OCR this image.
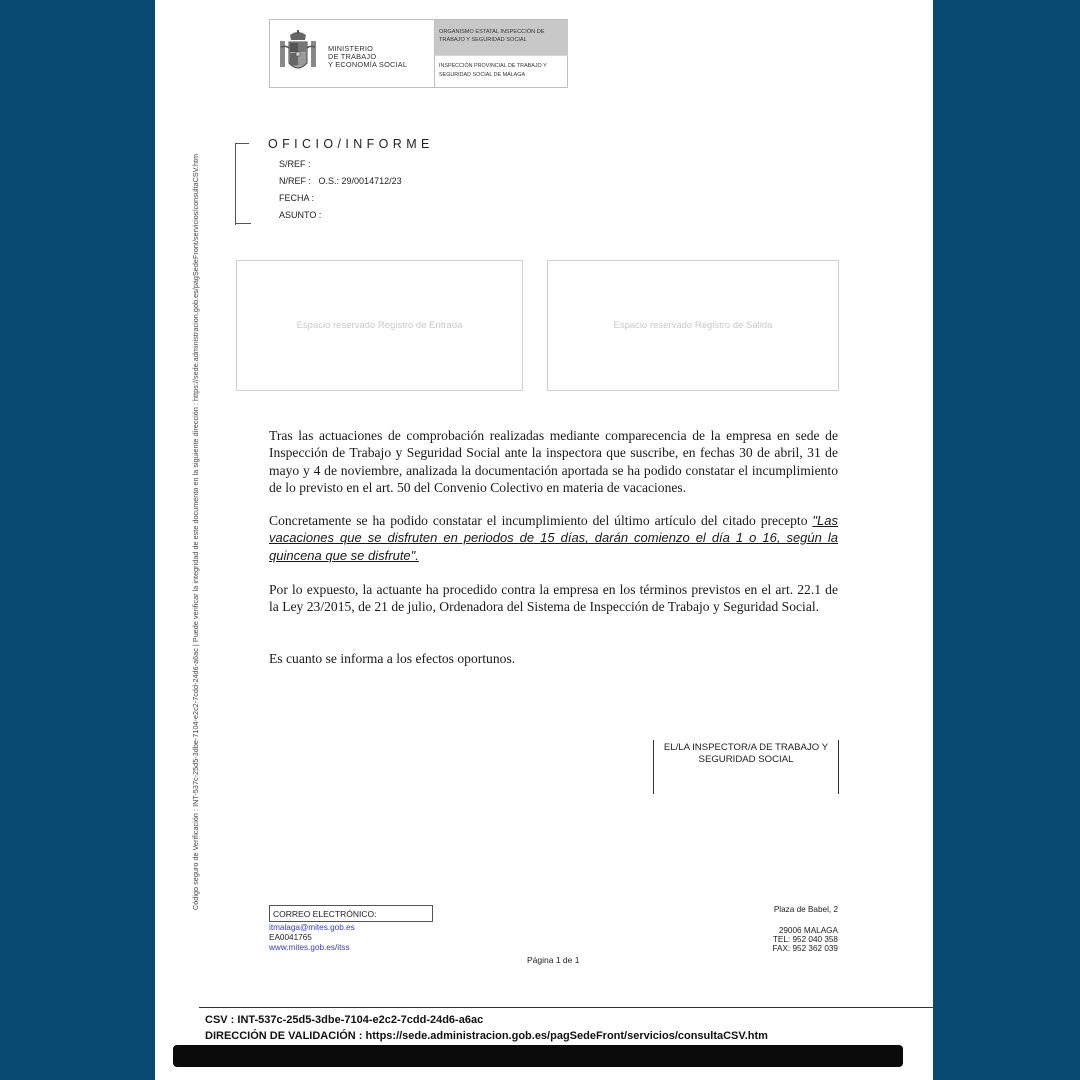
Código seguro de Verificación : INT-537c-25d5-3dbe-7104-e2c2-7cdd-24d6-a6ac | Puede verificar la integridad de este documento en la siguiente dirección : https://sede.administracion.gob.es/pagSedeFront/servicios/consultaCSV.htm
MINISTERIO
DE TRABAJO
Y ECONOMÍA SOCIAL
ORGANISMO ESTATAL INSPECCIÓN DE TRABAJO Y SEGURIDAD SOCIAL
INSPECCIÓN PROVINCIAL DE TRABAJO Y SEGURIDAD SOCIAL DE MÁLAGA
OFICIO/INFORME
S/REF :
N/REF : O.S.: 29/0014712/23
FECHA :
ASUNTO :
Espacio reservado Registro de Entrada	Espacio reservado Registro de Salida
Tras las actuaciones de comprobación realizadas mediante comparecencia de la empresa en sede de Inspección de Trabajo y Seguridad Social ante la inspectora que suscribe, en fechas 30 de abril, 31 de mayo y 4 de noviembre, analizada la documentación aportada se ha podido constatar el incumplimiento de lo previsto en el art. 50 del Convenio Colectivo en materia de vacaciones.
Concretamente se ha podido constatar el incumplimiento del último artículo del citado precepto "Las vacaciones que se disfruten en periodos de 15 días, darán comienzo el día 1 o 16, según la quincena que se disfrute".
Por lo expuesto, la actuante ha procedido contra la empresa en los términos previstos en el art. 22.1 de la Ley 23/2015, de 21 de julio, Ordenadora del Sistema de Inspección de Trabajo y Seguridad Social.
Es cuanto se informa a los efectos oportunos.
EL/LA INSPECTOR/A DE TRABAJO Y
SEGURIDAD SOCIAL
CORREO ELECTRÓNICO:
itmalaga@mites.gob.es
EA0041765
www.mites.gob.es/itss
Plaza de Babel, 2
29006 MALAGA
TEL: 952 040 358
FAX: 952 362 039
Página 1 de 1
CSV : INT-537c-25d5-3dbe-7104-e2c2-7cdd-24d6-a6ac
DIRECCIÓN DE VALIDACIÓN : https://sede.administracion.gob.es/pagSedeFront/servicios/consultaCSV.htm
